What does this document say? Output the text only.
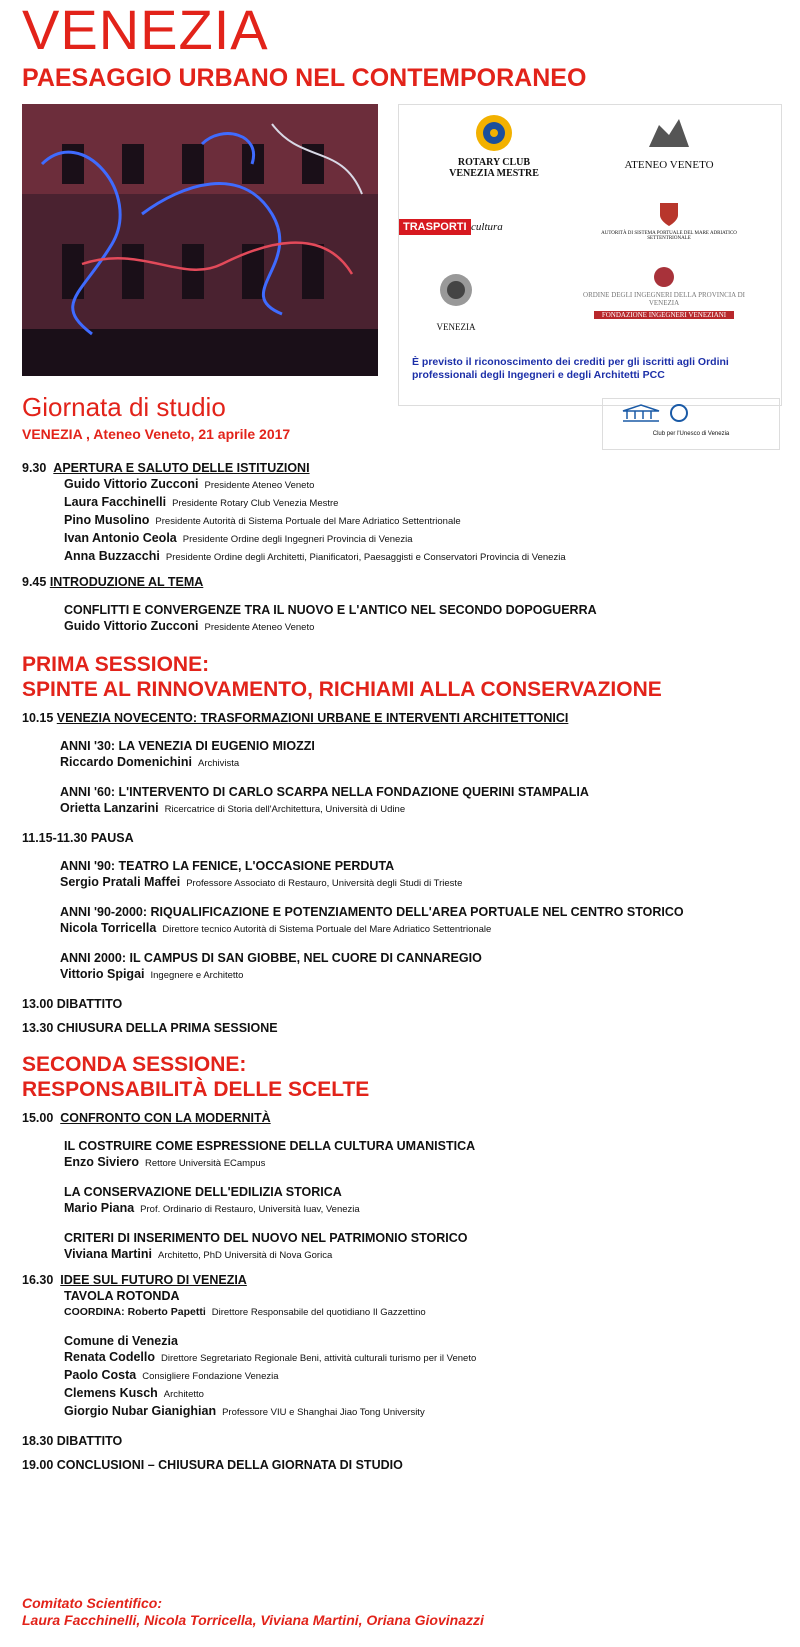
VENEZIA
PAESAGGIO URBANO NEL CONTEMPORANEO
ROTARY CLUB
VENEZIA MESTRE
ATENEO VENETO
TRASPORTI cultura
AUTORITÀ DI SISTEMA PORTUALE DEL MARE ADRIATICO SETTENTRIONALE
VENEZIA
ORDINE DEGLI INGEGNERI DELLA PROVINCIA DI VENEZIA
FONDAZIONE INGEGNERI VENEZIANI
È previsto il riconoscimento dei crediti per gli iscritti agli Ordini professionali degli Ingegneri e degli Architetti PCC
Giornata di studio
VENEZIA , Ateneo Veneto, 21 aprile 2017	Club per l'Unesco di Venezia
9.30 APERTURA E SALUTO DELLE ISTITUZIONI
Guido Vittorio Zucconi Presidente Ateneo Veneto
Laura Facchinelli Presidente Rotary Club Venezia Mestre
Pino Musolino Presidente Autorità di Sistema Portuale del Mare Adriatico Settentrionale
Ivan Antonio Ceola Presidente Ordine degli Ingegneri Provincia di Venezia
Anna Buzzacchi Presidente Ordine degli Architetti, Pianificatori, Paesaggisti e Conservatori Provincia di Venezia
9.45 INTRODUZIONE AL TEMA
CONFLITTI E CONVERGENZE TRA IL NUOVO E L'ANTICO NEL SECONDO DOPOGUERRA
Guido Vittorio Zucconi Presidente Ateneo Veneto
PRIMA SESSIONE:
SPINTE AL RINNOVAMENTO, RICHIAMI ALLA CONSERVAZIONE
10.15 VENEZIA NOVECENTO: TRASFORMAZIONI URBANE E INTERVENTI ARCHITETTONICI
ANNI '30: LA VENEZIA DI EUGENIO MIOZZI
Riccardo Domenichini Archivista
ANNI '60: L'INTERVENTO DI CARLO SCARPA NELLA FONDAZIONE QUERINI STAMPALIA
Orietta Lanzarini Ricercatrice di Storia dell'Architettura, Università di Udine
11.15-11.30 PAUSA
ANNI '90: TEATRO LA FENICE, L'OCCASIONE PERDUTA
Sergio Pratali Maffei Professore Associato di Restauro, Università degli Studi di Trieste
ANNI '90-2000: RIQUALIFICAZIONE E POTENZIAMENTO DELL'AREA PORTUALE NEL CENTRO STORICO
Nicola Torricella Direttore tecnico Autorità di Sistema Portuale del Mare Adriatico Settentrionale
ANNI 2000: IL CAMPUS DI SAN GIOBBE, NEL CUORE DI CANNAREGIO
Vittorio Spigai Ingegnere e Architetto
13.00 DIBATTITO
13.30 CHIUSURA DELLA PRIMA SESSIONE
SECONDA SESSIONE:
RESPONSABILITÀ DELLE SCELTE
15.00 CONFRONTO CON LA MODERNITÀ
IL COSTRUIRE COME ESPRESSIONE DELLA CULTURA UMANISTICA
Enzo Siviero Rettore Università ECampus
LA CONSERVAZIONE DELL'EDILIZIA STORICA
Mario Piana Prof. Ordinario di Restauro, Università Iuav, Venezia
CRITERI DI INSERIMENTO DEL NUOVO NEL PATRIMONIO STORICO
Viviana Martini Architetto, PhD Università di Nova Gorica
16.30 IDEE SUL FUTURO DI VENEZIA
TAVOLA ROTONDA
COORDINA: Roberto Papetti Direttore Responsabile del quotidiano Il Gazzettino
Comune di Venezia
Renata Codello Direttore Segretariato Regionale Beni, attività culturali turismo per il Veneto
Paolo Costa Consigliere Fondazione Venezia
Clemens Kusch Architetto
Giorgio Nubar Gianighian Professore VIU e Shanghai Jiao Tong University
18.30 DIBATTITO
19.00 CONCLUSIONI – CHIUSURA DELLA GIORNATA DI STUDIO
Comitato Scientifico:
Laura Facchinelli, Nicola Torricella, Viviana Martini, Oriana Giovinazzi
